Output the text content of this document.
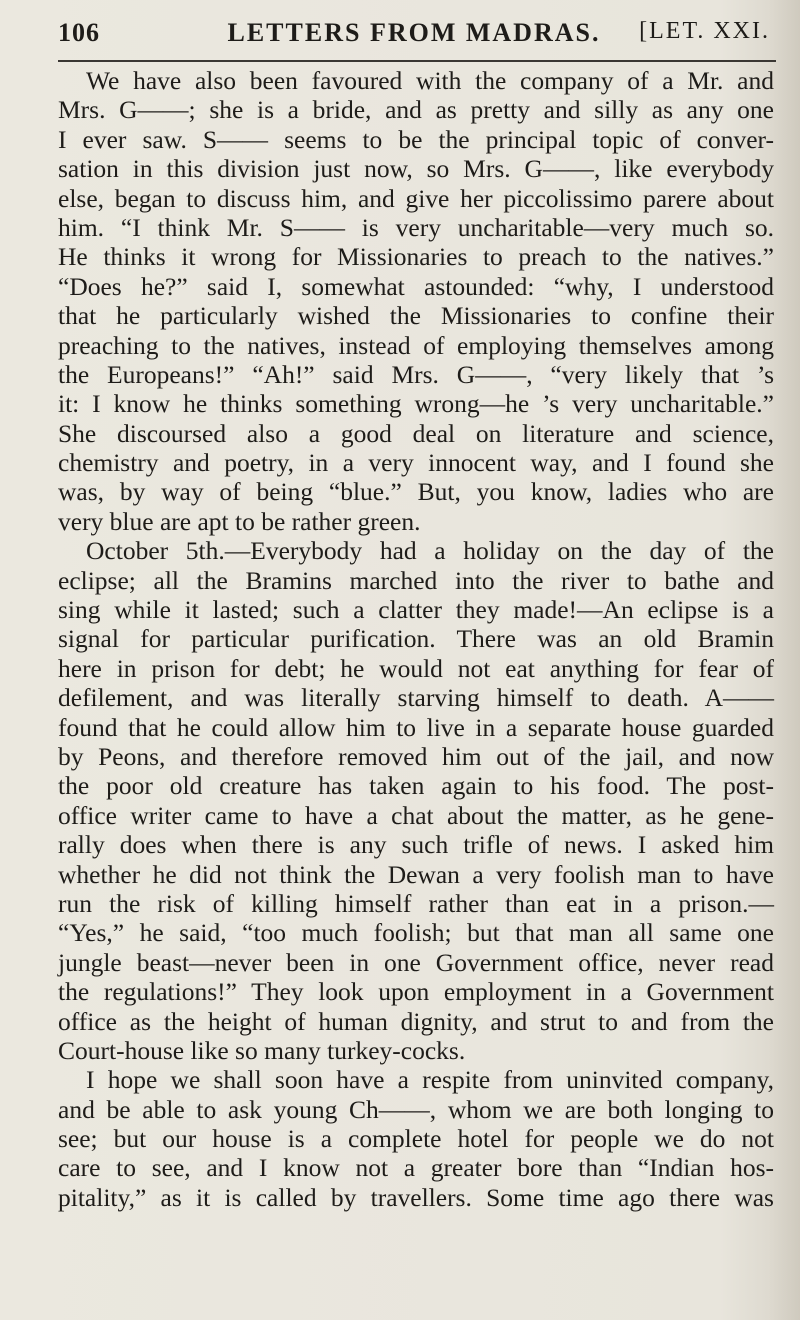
106	LETTERS FROM MADRAS.	[LET. XXI.
We have also been favoured with the company of a Mr. and
Mrs. G——; she is a bride, and as pretty and silly as any one
I ever saw. S—— seems to be the principal topic of conver-
sation in this division just now, so Mrs. G——, like everybody
else, began to discuss him, and give her piccolissimo parere about
him. “I think Mr. S—— is very uncharitable—very much so.
He thinks it wrong for Missionaries to preach to the natives.”
“Does he?” said I, somewhat astounded: “why, I understood
that he particularly wished the Missionaries to confine their
preaching to the natives, instead of employing themselves among
the Europeans!” “Ah!” said Mrs. G——, “very likely that ’s
it: I know he thinks something wrong—he ’s very uncharitable.”
She discoursed also a good deal on literature and science,
chemistry and poetry, in a very innocent way, and I found she
was, by way of being “blue.” But, you know, ladies who are
very blue are apt to be rather green.
October 5th.—Everybody had a holiday on the day of the
eclipse; all the Bramins marched into the river to bathe and
sing while it lasted; such a clatter they made!—An eclipse is a
signal for particular purification. There was an old Bramin
here in prison for debt; he would not eat anything for fear of
defilement, and was literally starving himself to death. A——
found that he could allow him to live in a separate house guarded
by Peons, and therefore removed him out of the jail, and now
the poor old creature has taken again to his food. The post-
office writer came to have a chat about the matter, as he gene-
rally does when there is any such trifle of news. I asked him
whether he did not think the Dewan a very foolish man to have
run the risk of killing himself rather than eat in a prison.—
“Yes,” he said, “too much foolish; but that man all same one
jungle beast—never been in one Government office, never read
the regulations!” They look upon employment in a Government
office as the height of human dignity, and strut to and from the
Court-house like so many turkey-cocks.
I hope we shall soon have a respite from uninvited company,
and be able to ask young Ch——, whom we are both longing to
see; but our house is a complete hotel for people we do not
care to see, and I know not a greater bore than “Indian hos-
pitality,” as it is called by travellers. Some time ago there was
